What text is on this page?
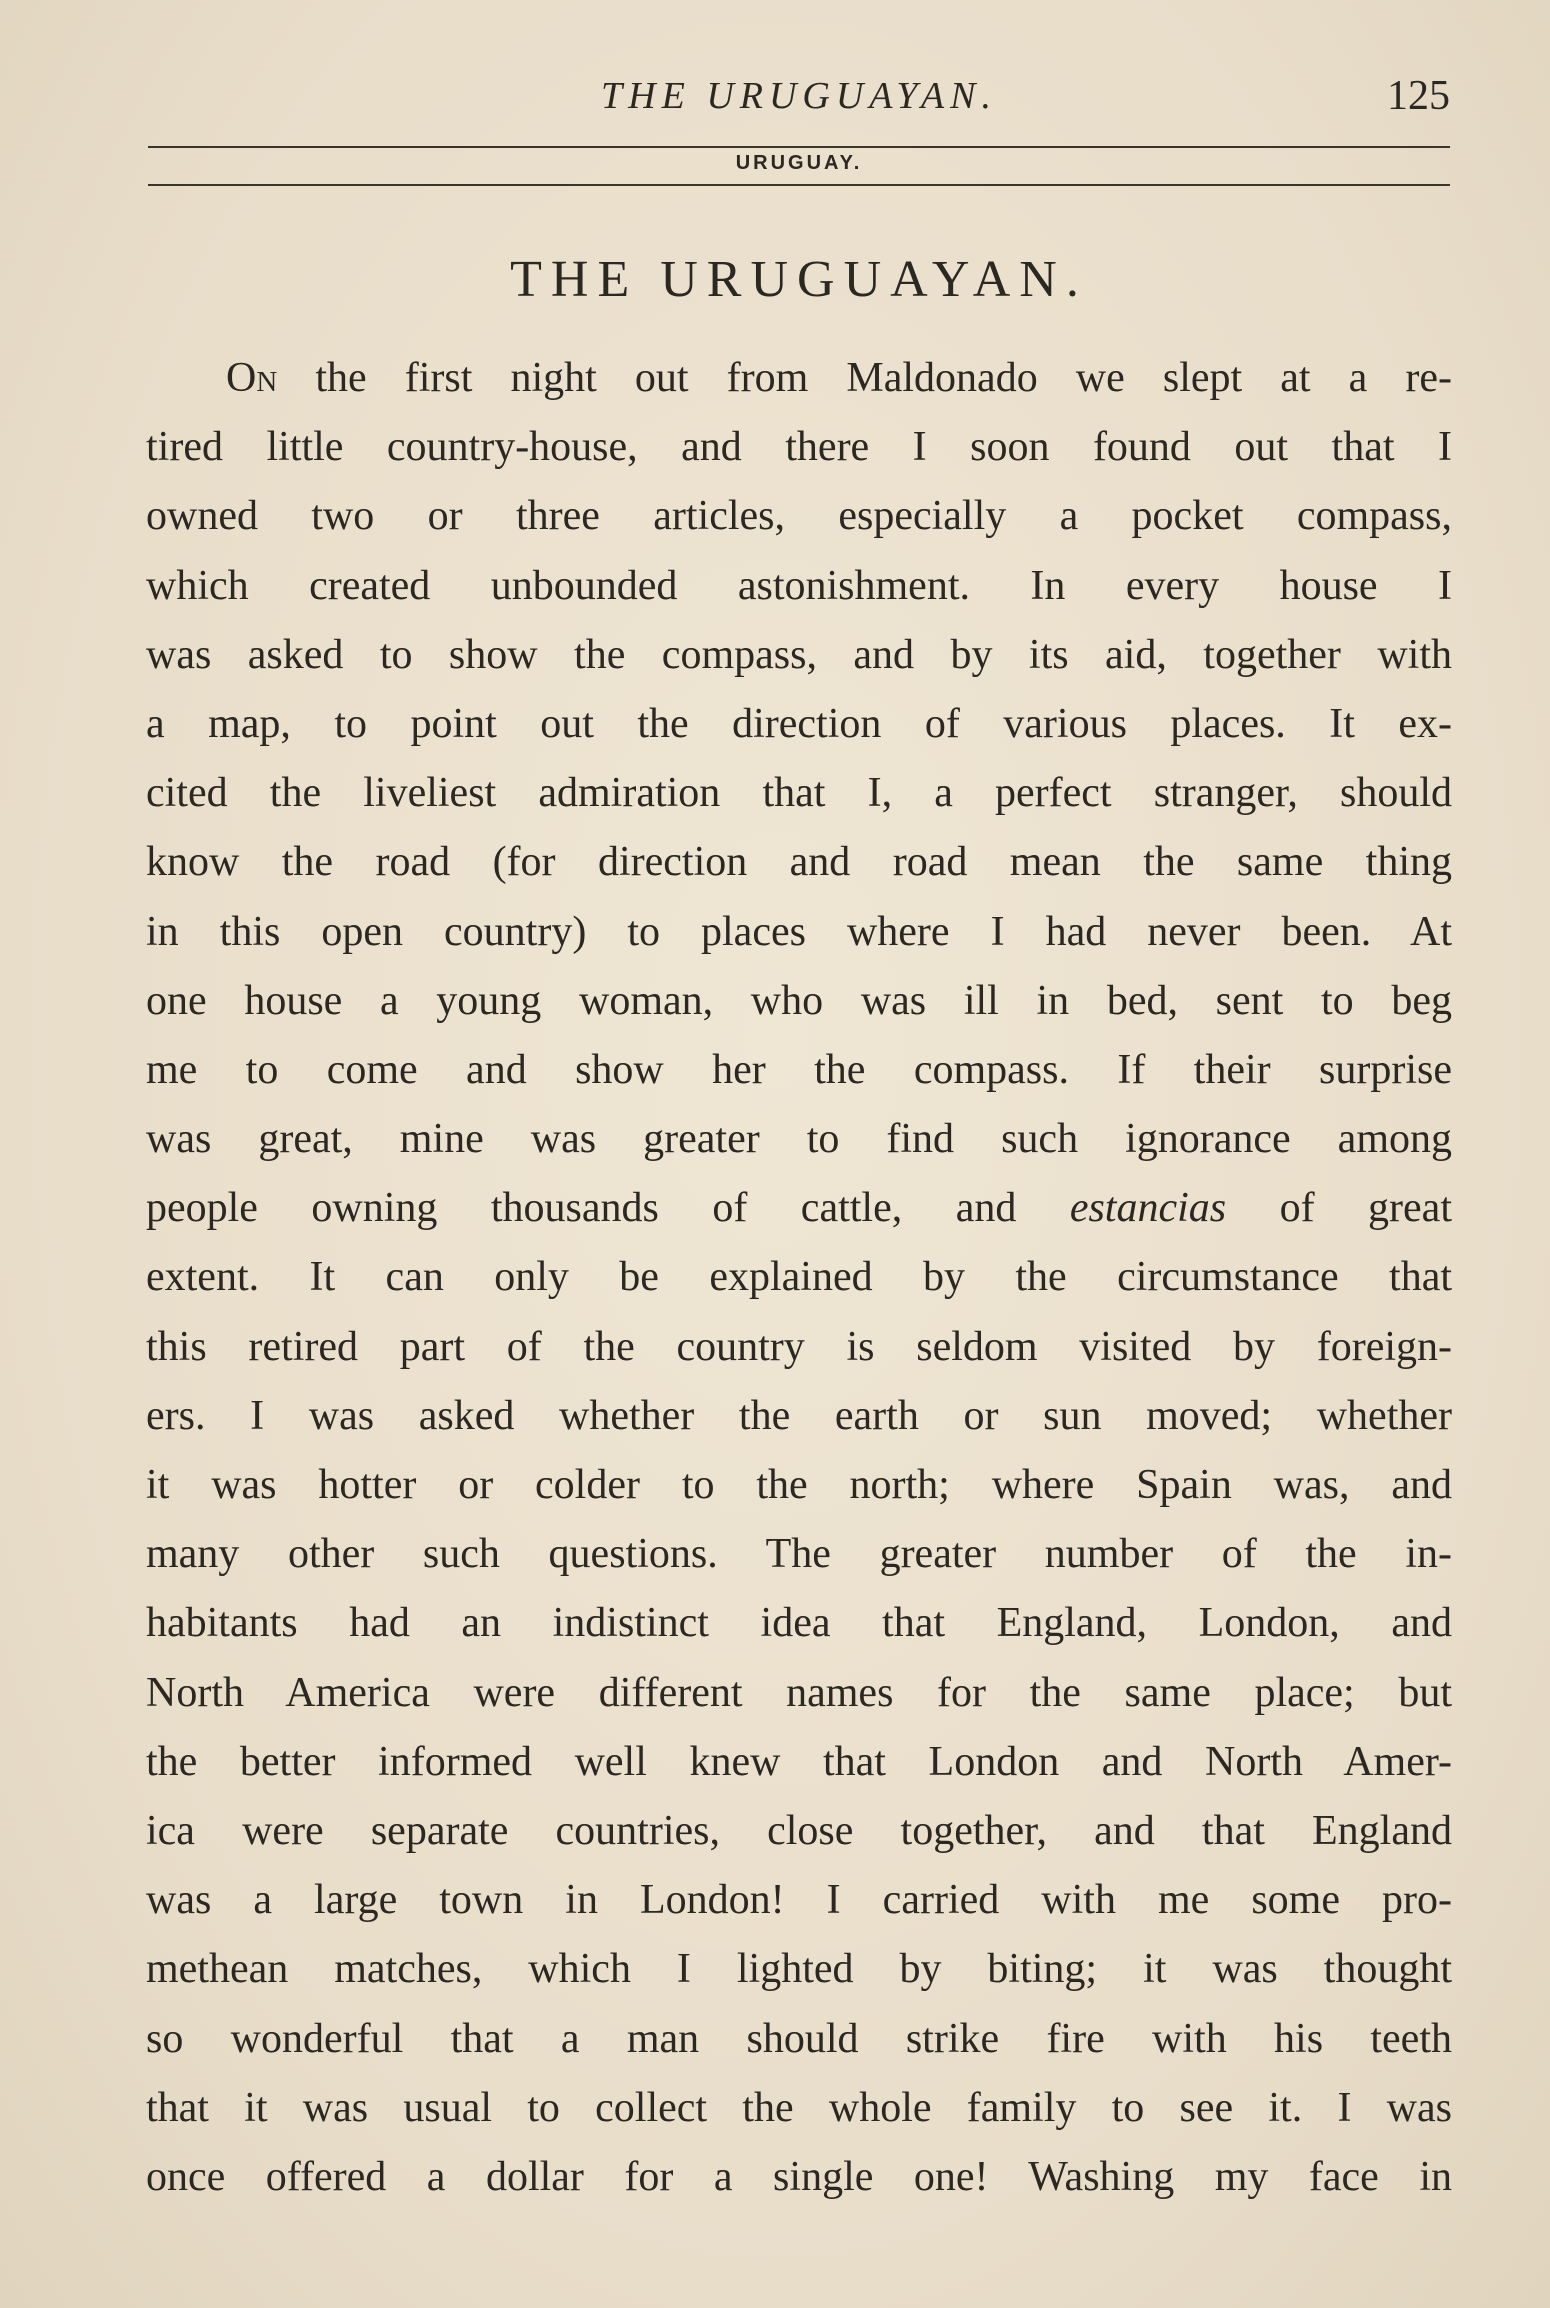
THE URUGUAYAN.	125
URUGUAY.
THE URUGUAYAN.
On the first night out from Maldonado we slept at a re-
tired little country-house, and there I soon found out that I
owned two or three articles, especially a pocket compass,
which created unbounded astonishment. In every house I
was asked to show the compass, and by its aid, together with
a map, to point out the direction of various places. It ex-
cited the liveliest admiration that I, a perfect stranger, should
know the road (for direction and road mean the same thing
in this open country) to places where I had never been. At
one house a young woman, who was ill in bed, sent to beg
me to come and show her the compass. If their surprise
was great, mine was greater to find such ignorance among
people owning thousands of cattle, and estancias of great
extent. It can only be explained by the circumstance that
this retired part of the country is seldom visited by foreign-
ers. I was asked whether the earth or sun moved; whether
it was hotter or colder to the north; where Spain was, and
many other such questions. The greater number of the in-
habitants had an indistinct idea that England, London, and
North America were different names for the same place; but
the better informed well knew that London and North Amer-
ica were separate countries, close together, and that England
was a large town in London! I carried with me some pro-
methean matches, which I lighted by biting; it was thought
so wonderful that a man should strike fire with his teeth
that it was usual to collect the whole family to see it. I was
once offered a dollar for a single one! Washing my face in
